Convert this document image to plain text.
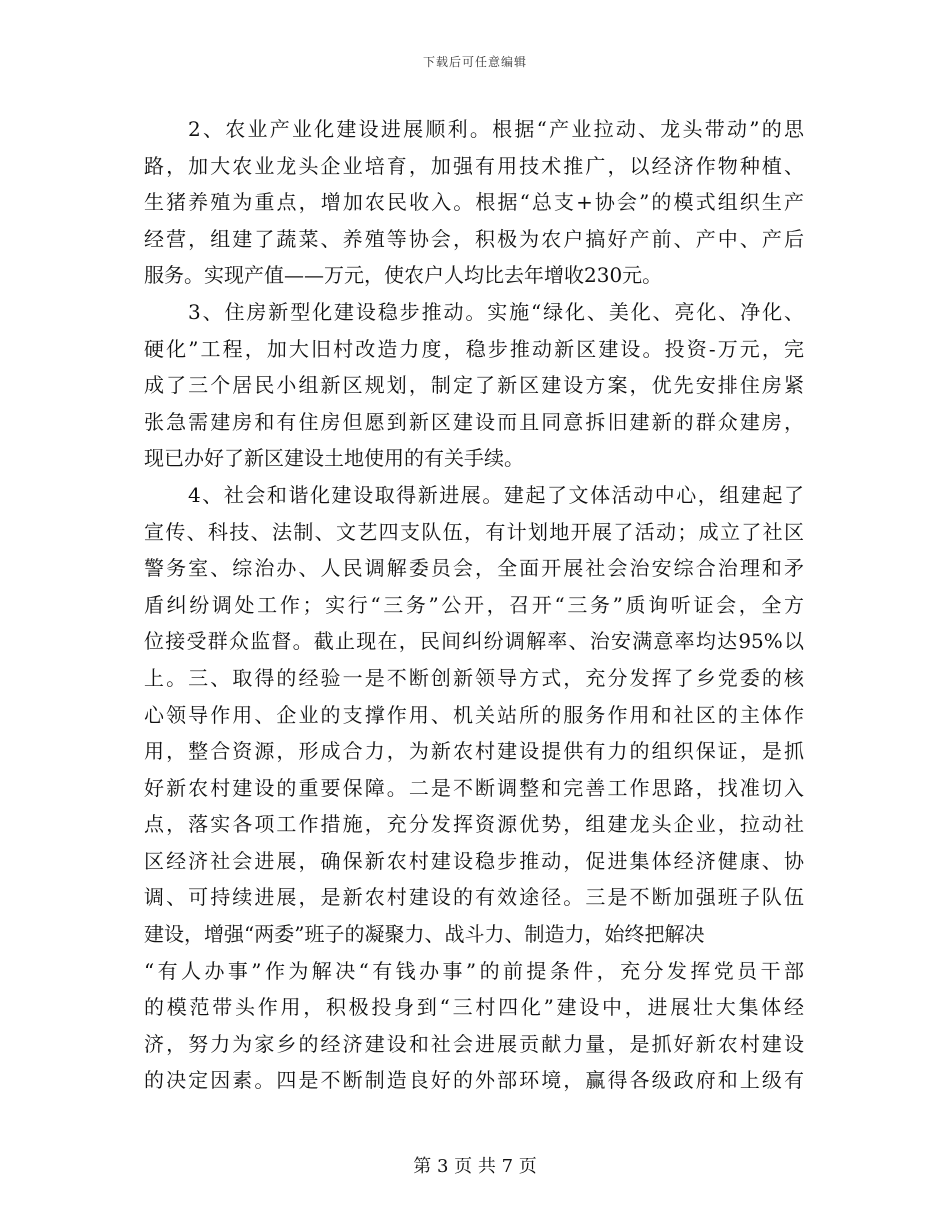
下载后可任意编辑
2、农业产业化建设进展顺利。根据“产业拉动、龙头带动”的思
路，加大农业龙头企业培育，加强有用技术推广，以经济作物种植、
生猪养殖为重点，增加农民收入。根据“总支+协会”的模式组织生产
经营，组建了蔬菜、养殖等协会，积极为农户搞好产前、产中、产后
服务。实现产值——万元，使农户人均比去年增收230元。
3、住房新型化建设稳步推动。实施“绿化、美化、亮化、净化、
硬化”工程，加大旧村改造力度，稳步推动新区建设。投资-万元，完
成了三个居民小组新区规划，制定了新区建设方案，优先安排住房紧
张急需建房和有住房但愿到新区建设而且同意拆旧建新的群众建房，
现已办好了新区建设土地使用的有关手续。
4、社会和谐化建设取得新进展。建起了文体活动中心，组建起了
宣传、科技、法制、文艺四支队伍，有计划地开展了活动；成立了社区
警务室、综治办、人民调解委员会，全面开展社会治安综合治理和矛
盾纠纷调处工作；实行“三务”公开，召开“三务”质询听证会，全方
位接受群众监督。截止现在，民间纠纷调解率、治安满意率均达95%以
上。三、取得的经验一是不断创新领导方式，充分发挥了乡党委的核
心领导作用、企业的支撑作用、机关站所的服务作用和社区的主体作
用，整合资源，形成合力，为新农村建设提供有力的组织保证，是抓
好新农村建设的重要保障。二是不断调整和完善工作思路，找准切入
点，落实各项工作措施，充分发挥资源优势，组建龙头企业，拉动社
区经济社会进展，确保新农村建设稳步推动，促进集体经济健康、协
调、可持续进展，是新农村建设的有效途径。三是不断加强班子队伍
建设，增强“两委”班子的凝聚力、战斗力、制造力，始终把解决
“有人办事”作为解决“有钱办事”的前提条件，充分发挥党员干部
的模范带头作用，积极投身到“三村四化”建设中，进展壮大集体经
济，努力为家乡的经济建设和社会进展贡献力量，是抓好新农村建设
的决定因素。四是不断制造良好的外部环境，赢得各级政府和上级有
第 3 页 共 7 页
